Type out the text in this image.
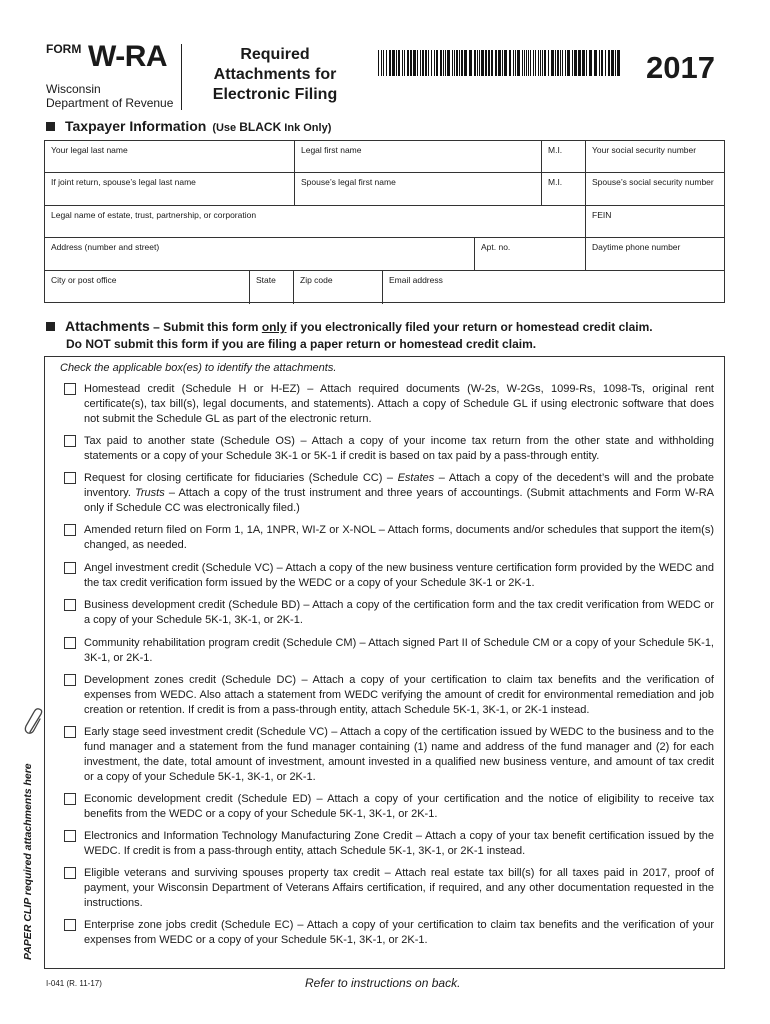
FORM W-RA
Wisconsin
Department of Revenue
Required
Attachments for
Electronic Filing
2017
Taxpayer Information (Use BLACK Ink Only)
Your legal last name	Legal first name	M.I.	Your social security number
If joint return, spouse’s legal last name	Spouse’s legal first name	M.I.	Spouse’s social security number
Legal name of estate, trust, partnership, or corporation	FEIN
Address (number and street)	Apt. no.	Daytime phone number
City or post office	State	Zip code	Email address
Attachments – Submit this form only if you electronically filed your return or homestead credit claim.
Do NOT submit this form if you are filing a paper return or homestead credit claim.
Check the applicable box(es) to identify the attachments.
Homestead credit (Schedule H or H-EZ) – Attach required documents (W-2s, W-2Gs, 1099-Rs, 1098-Ts, original rent certificate(s), tax bill(s), legal documents, and statements). Attach a copy of Schedule GL if using electronic software that does not submit the Schedule GL as part of the electronic return.
Tax paid to another state (Schedule OS) – Attach a copy of your income tax return from the other state and withholding statements or a copy of your Schedule 3K-1 or 5K-1 if credit is based on tax paid by a pass-through entity.
Request for closing certificate for fiduciaries (Schedule CC) – Estates – Attach a copy of the decedent’s will and the probate inventory. Trusts – Attach a copy of the trust instrument and three years of accountings. (Submit attachments and Form W-RA only if Schedule CC was electronically filed.)
Amended return filed on Form 1, 1A, 1NPR, WI-Z or X-NOL – Attach forms, documents and/or schedules that support the item(s) changed, as needed.
Angel investment credit (Schedule VC) – Attach a copy of the new business venture certification form provided by the WEDC and the tax credit verification form issued by the WEDC or a copy of your Schedule 3K-1 or 2K-1.
Business development credit (Schedule BD) – Attach a copy of the certification form and the tax credit verification from WEDC or a copy of your Schedule 5K-1, 3K-1, or 2K-1.
Community rehabilitation program credit (Schedule CM) – Attach signed Part II of Schedule CM or a copy of your Schedule 5K-1, 3K-1, or 2K-1.
Development zones credit (Schedule DC) – Attach a copy of your certification to claim tax benefits and the verification of expenses from WEDC. Also attach a statement from WEDC verifying the amount of credit for environmental remediation and job creation or retention. If credit is from a pass-through entity, attach Schedule 5K-1, 3K-1, or 2K-1 instead.
Early stage seed investment credit (Schedule VC) – Attach a copy of the certification issued by WEDC to the business and to the fund manager and a statement from the fund manager containing (1) name and address of the fund manager and (2) for each investment, the date, total amount of investment, amount invested in a qualified new business venture, and amount of tax credit or a copy of your Schedule 5K-1, 3K-1, or 2K-1.
Economic development credit (Schedule ED) – Attach a copy of your certification and the notice of eligibility to receive tax benefits from the WEDC or a copy of your Schedule 5K-1, 3K-1, or 2K-1.
Electronics and Information Technology Manufacturing Zone Credit – Attach a copy of your tax benefit certification issued by the WEDC. If credit is from a pass-through entity, attach Schedule 5K-1, 3K-1, or 2K-1 instead.
Eligible veterans and surviving spouses property tax credit – Attach real estate tax bill(s) for all taxes paid in 2017, proof of payment, your Wisconsin Department of Veterans Affairs certification, if required, and any other documentation requested in the instructions.
Enterprise zone jobs credit (Schedule EC) – Attach a copy of your certification to claim tax benefits and the verification of your expenses from WEDC or a copy of your Schedule 5K-1, 3K-1, or 2K-1.
PAPER CLIP required attachments here
I-041 (R. 11-17)	Refer to instructions on back.
